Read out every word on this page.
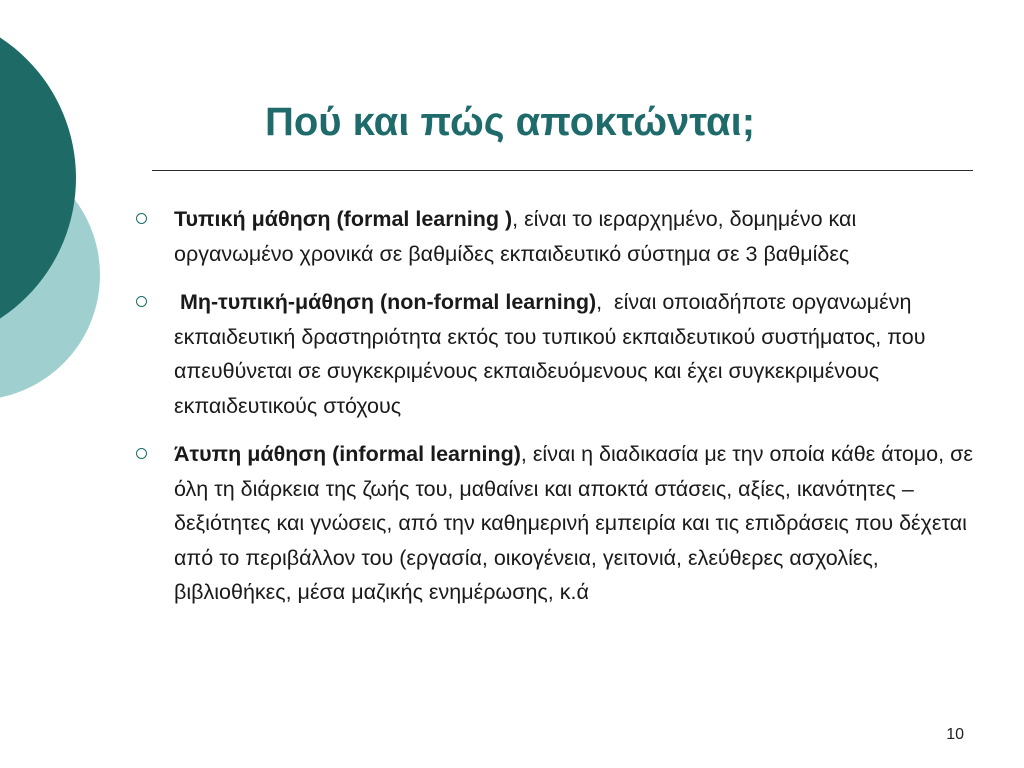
Πού και πώς αποκτώνται;
Τυπική μάθηση (formal learning ), είναι το ιεραρχημένο, δομημένο και οργανωμένο χρονικά σε βαθμίδες εκπαιδευτικό σύστημα σε 3 βαθμίδες
Μη-τυπική-μάθηση (non-formal learning),  είναι οποιαδήποτε οργανωμένη εκπαιδευτική δραστηριότητα εκτός του τυπικού εκπαιδευτικού συστήματος, που απευθύνεται σε συγκεκριμένους εκπαιδευόμενους και έχει συγκεκριμένους εκπαιδευτικούς στόχους
Άτυπη μάθηση (informal learning), είναι η διαδικασία με την οποία κάθε άτομο, σε όλη τη διάρκεια της ζωής του, μαθαίνει και αποκτά στάσεις, αξίες, ικανότητες – δεξιότητες και γνώσεις, από την καθημερινή εμπειρία και τις επιδράσεις που δέχεται από το περιβάλλον του (εργασία, οικογένεια, γειτονιά, ελεύθερες ασχολίες, βιβλιοθήκες, μέσα μαζικής ενημέρωσης, κ.ά
10
